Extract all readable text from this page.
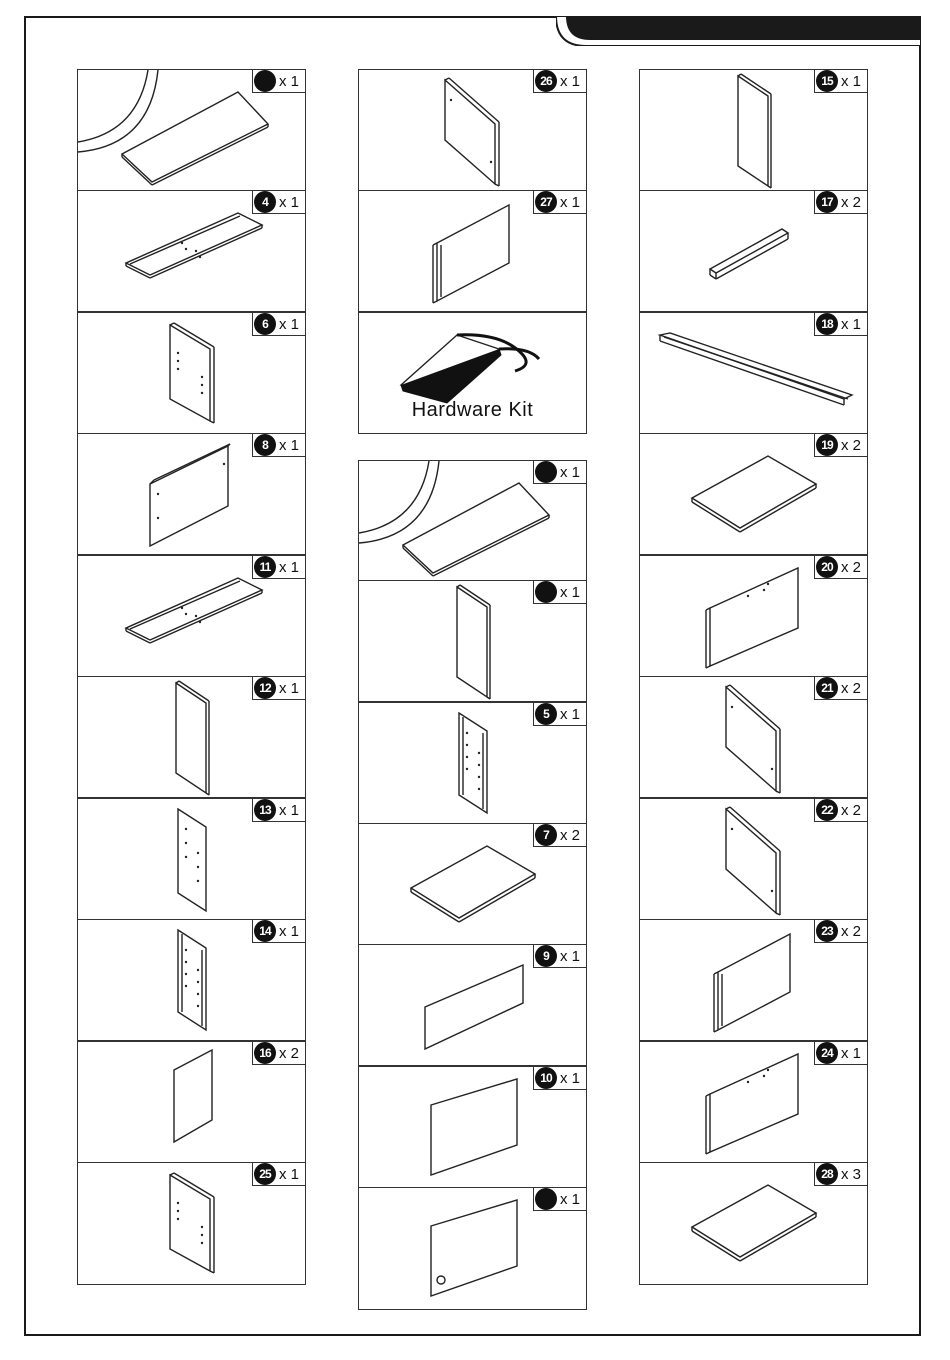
x 1
4 x 1
6 x 1
8 x 1
11 x 1
12 x 1
13 x 1
14 x 1
16 x 2
25 x 1
26 x 1
27 x 1
Hardware Kit
x 1
x 1
5 x 1
7 x 2
9 x 1
10 x 1
x 1
15 x 1
17 x 2
18 x 1
19 x 2
20 x 2
21 x 2
22 x 2
23 x 2
24 x 1
28 x 3
